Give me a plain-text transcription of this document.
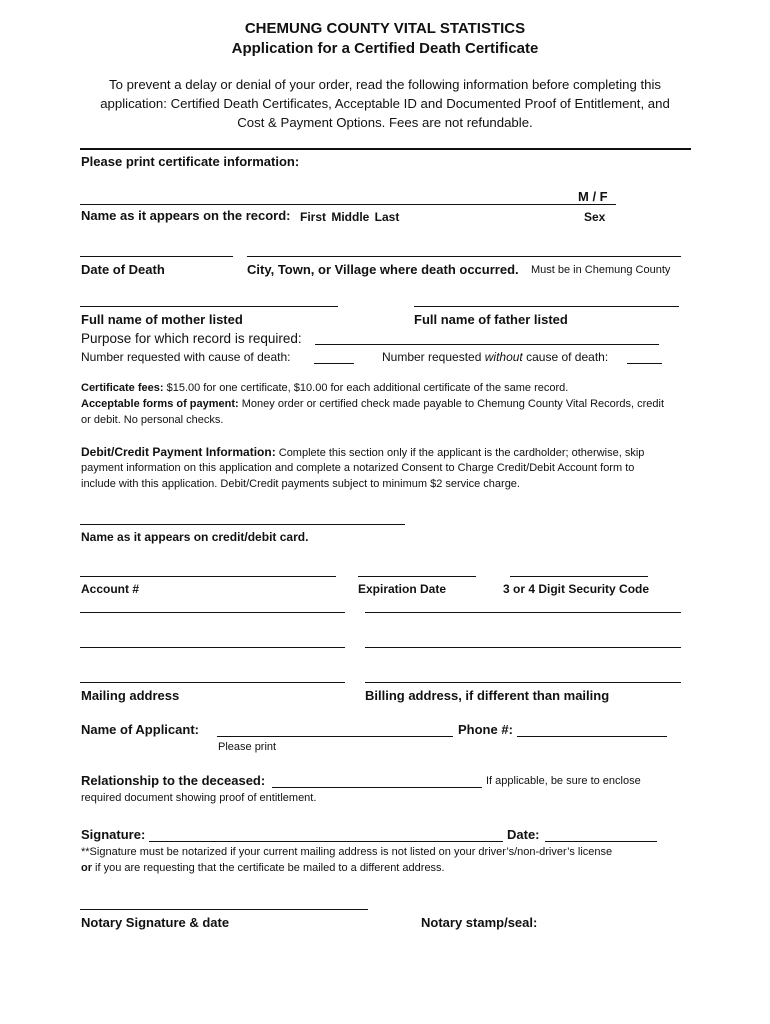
CHEMUNG COUNTY VITAL STATISTICS
Application for a Certified Death Certificate
To prevent a delay or denial of your order, read the following information before completing this
application: Certified Death Certificates, Acceptable ID and Documented Proof of Entitlement, and
Cost & Payment Options. Fees are not refundable.
Please print certificate information:
M / F
Name as it appears on the record: First Middle Last	Sex
Date of Death	City, Town, or Village where death occurred. Must be in Chemung County
Full name of mother listed	Full name of father listed
Purpose for which record is required:
Number requested with cause of death:	Number requested without cause of death:
Certificate fees: $15.00 for one certificate, $10.00 for each additional certificate of the same record.
Acceptable forms of payment: Money order or certified check made payable to Chemung County Vital Records, credit
or debit. No personal checks.
Debit/Credit Payment Information: Complete this section only if the applicant is the cardholder; otherwise, skip
payment information on this application and complete a notarized Consent to Charge Credit/Debit Account form to
include with this application. Debit/Credit payments subject to minimum $2 service charge.
Name as it appears on credit/debit card.
Account #	Expiration Date	3 or 4 Digit Security Code
Mailing address	Billing address, if different than mailing
Name of Applicant:	Phone #:
Please print
Relationship to the deceased:	If applicable, be sure to enclose
required document showing proof of entitlement.
Signature:	Date:
**Signature must be notarized if your current mailing address is not listed on your driver’s/non-driver’s license
or if you are requesting that the certificate be mailed to a different address.
Notary Signature & date	Notary stamp/seal:
